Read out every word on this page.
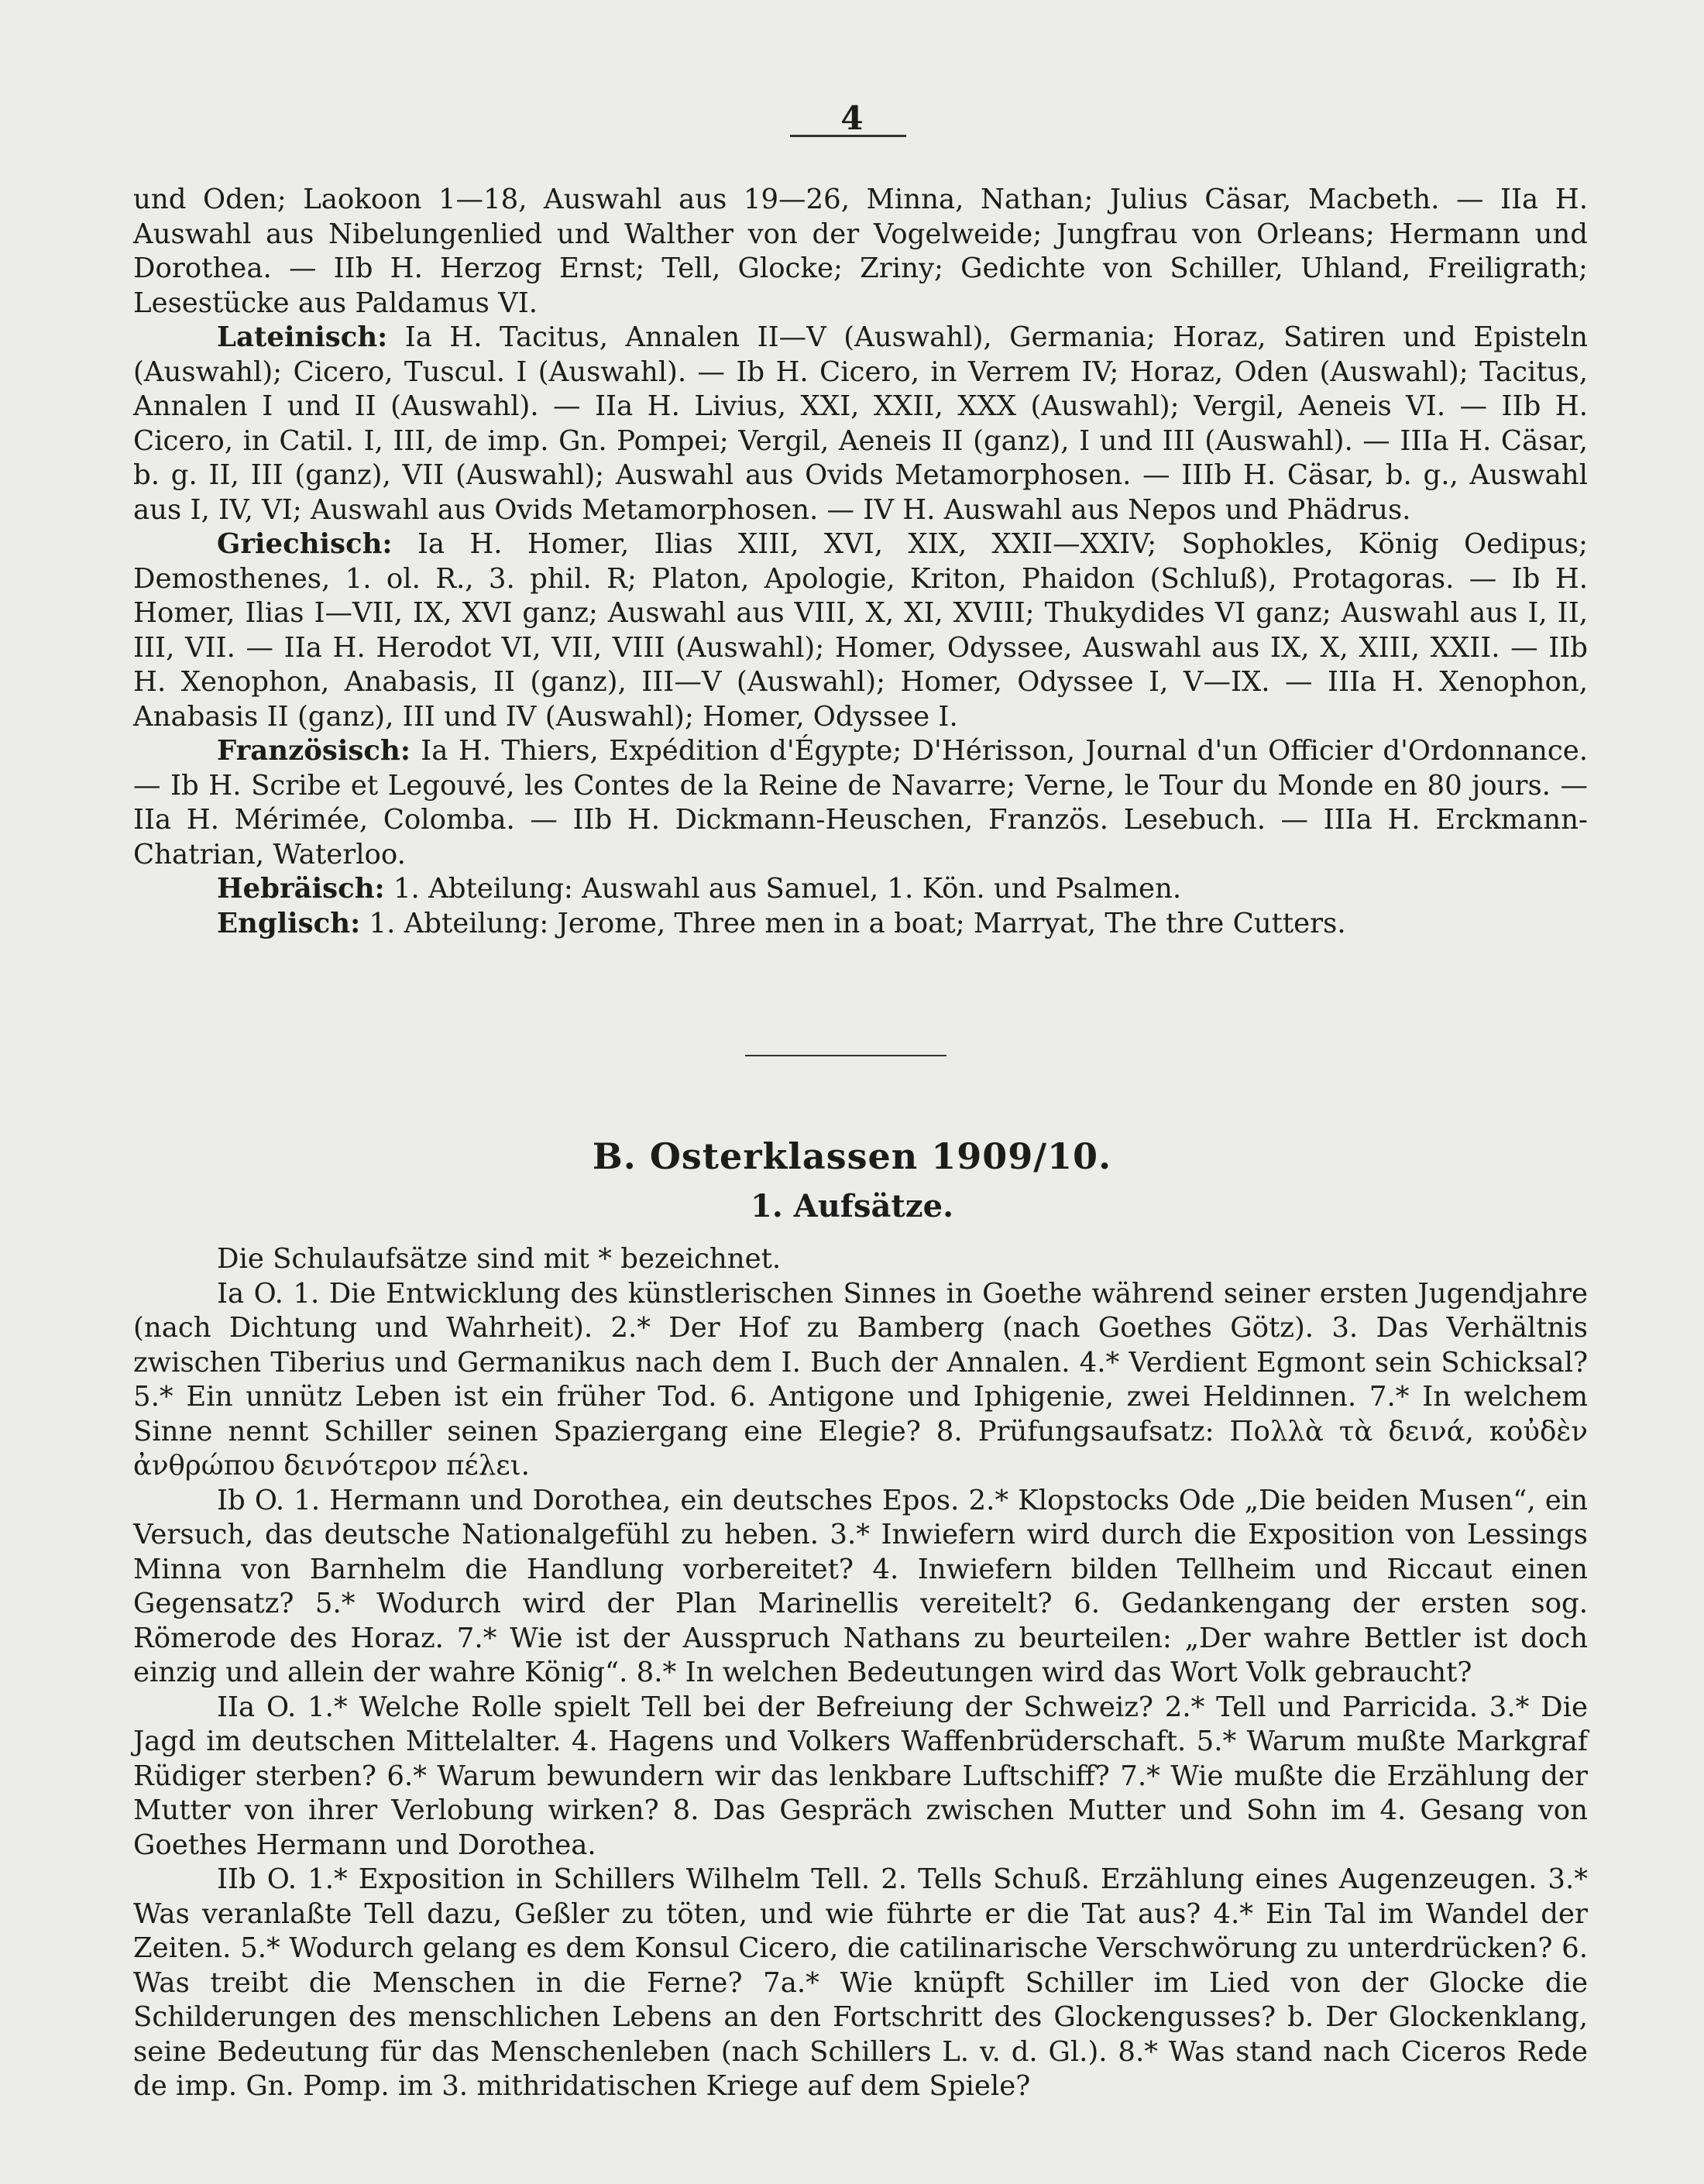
4

und Oden; Laokoon 1—18, Auswahl aus 19—26, Minna, Nathan; Julius Cäsar, Macbeth. — IIa H. Auswahl aus Nibelungenlied und Walther von der Vogelweide; Jungfrau von Orleans; Hermann und Dorothea. — IIb H. Herzog Ernst; Tell, Glocke; Zriny; Gedichte von Schiller, Uhland, Freiligrath; Lesestücke aus Paldamus VI.

Lateinisch: Ia H. Tacitus, Annalen II—V (Auswahl), Germania; Horaz, Satiren und Episteln (Auswahl); Cicero, Tuscul. I (Auswahl). — Ib H. Cicero, in Verrem IV; Horaz, Oden (Auswahl); Tacitus, Annalen I und II (Auswahl). — IIa H. Livius, XXI, XXII, XXX (Auswahl); Vergil, Aeneis VI. — IIb H. Cicero, in Catil. I, III, de imp. Gn. Pompei; Vergil, Aeneis II (ganz), I und III (Auswahl). — IIIa H. Cäsar, b. g. II, III (ganz), VII (Auswahl); Auswahl aus Ovids Metamorphosen. — IIIb H. Cäsar, b. g., Auswahl aus I, IV, VI; Auswahl aus Ovids Metamorphosen. — IV H. Auswahl aus Nepos und Phädrus.

Griechisch: Ia H. Homer, Ilias XIII, XVI, XIX, XXII—XXIV; Sophokles, König Oedipus; Demosthenes, 1. ol. R., 3. phil. R; Platon, Apologie, Kriton, Phaidon (Schluß), Protagoras. — Ib H. Homer, Ilias I—VII, IX, XVI ganz; Auswahl aus VIII, X, XI, XVIII; Thukydides VI ganz; Auswahl aus I, II, III, VII. — IIa H. Herodot VI, VII, VIII (Auswahl); Homer, Odyssee, Auswahl aus IX, X, XIII, XXII. — IIb H. Xenophon, Anabasis, II (ganz), III—V (Auswahl); Homer, Odyssee I, V—IX. — IIIa H. Xenophon, Anabasis II (ganz), III und IV (Auswahl); Homer, Odyssee I.

Französisch: Ia H. Thiers, Expédition d'Égypte; D'Hérisson, Journal d'un Officier d'Ordonnance. — Ib H. Scribe et Legouvé, les Contes de la Reine de Navarre; Verne, le Tour du Monde en 80 jours. — IIa H. Mérimée, Colomba. — IIb H. Dickmann-Heuschen, Französ. Lesebuch. — IIIa H. Erckmann-Chatrian, Waterloo.

Hebräisch: 1. Abteilung: Auswahl aus Samuel, 1. Kön. und Psalmen.

Englisch: 1. Abteilung: Jerome, Three men in a boat; Marryat, The thre Cutters.

B. Osterklassen 1909/10.
1. Aufsätze.

Die Schulaufsätze sind mit * bezeichnet.

Ia O. 1. Die Entwicklung des künstlerischen Sinnes in Goethe während seiner ersten Jugendjahre (nach Dichtung und Wahrheit). 2.* Der Hof zu Bamberg (nach Goethes Götz). 3. Das Verhältnis zwischen Tiberius und Germanikus nach dem I. Buch der Annalen. 4.* Verdient Egmont sein Schicksal? 5.* Ein unnütz Leben ist ein früher Tod. 6. Antigone und Iphigenie, zwei Heldinnen. 7.* In welchem Sinne nennt Schiller seinen Spaziergang eine Elegie? 8. Prüfungsaufsatz: Πολλὰ τὰ δεινά, κοὐδὲν ἀνθρώπου δεινότερον πέλει.

Ib O. 1. Hermann und Dorothea, ein deutsches Epos. 2.* Klopstocks Ode „Die beiden Musen“, ein Versuch, das deutsche Nationalgefühl zu heben. 3.* Inwiefern wird durch die Exposition von Lessings Minna von Barnhelm die Handlung vorbereitet? 4. Inwiefern bilden Tellheim und Riccaut einen Gegensatz? 5.* Wodurch wird der Plan Marinellis vereitelt? 6. Gedankengang der ersten sog. Römerode des Horaz. 7.* Wie ist der Ausspruch Nathans zu beurteilen: „Der wahre Bettler ist doch einzig und allein der wahre König“. 8.* In welchen Bedeutungen wird das Wort Volk gebraucht?

IIa O. 1.* Welche Rolle spielt Tell bei der Befreiung der Schweiz? 2.* Tell und Parricida. 3.* Die Jagd im deutschen Mittelalter. 4. Hagens und Volkers Waffenbrüderschaft. 5.* Warum mußte Markgraf Rüdiger sterben? 6.* Warum bewundern wir das lenkbare Luftschiff? 7.* Wie mußte die Erzählung der Mutter von ihrer Verlobung wirken? 8. Das Gespräch zwischen Mutter und Sohn im 4. Gesang von Goethes Hermann und Dorothea.

IIb O. 1.* Exposition in Schillers Wilhelm Tell. 2. Tells Schuß. Erzählung eines Augenzeugen. 3.* Was veranlaßte Tell dazu, Geßler zu töten, und wie führte er die Tat aus? 4.* Ein Tal im Wandel der Zeiten. 5.* Wodurch gelang es dem Konsul Cicero, die catilinarische Verschwörung zu unterdrücken? 6. Was treibt die Menschen in die Ferne? 7a.* Wie knüpft Schiller im Lied von der Glocke die Schilderungen des menschlichen Lebens an den Fortschritt des Glockengusses? b. Der Glockenklang, seine Bedeutung für das Menschenleben (nach Schillers L. v. d. Gl.). 8.* Was stand nach Ciceros Rede de imp. Gn. Pomp. im 3. mithridatischen Kriege auf dem Spiele?
